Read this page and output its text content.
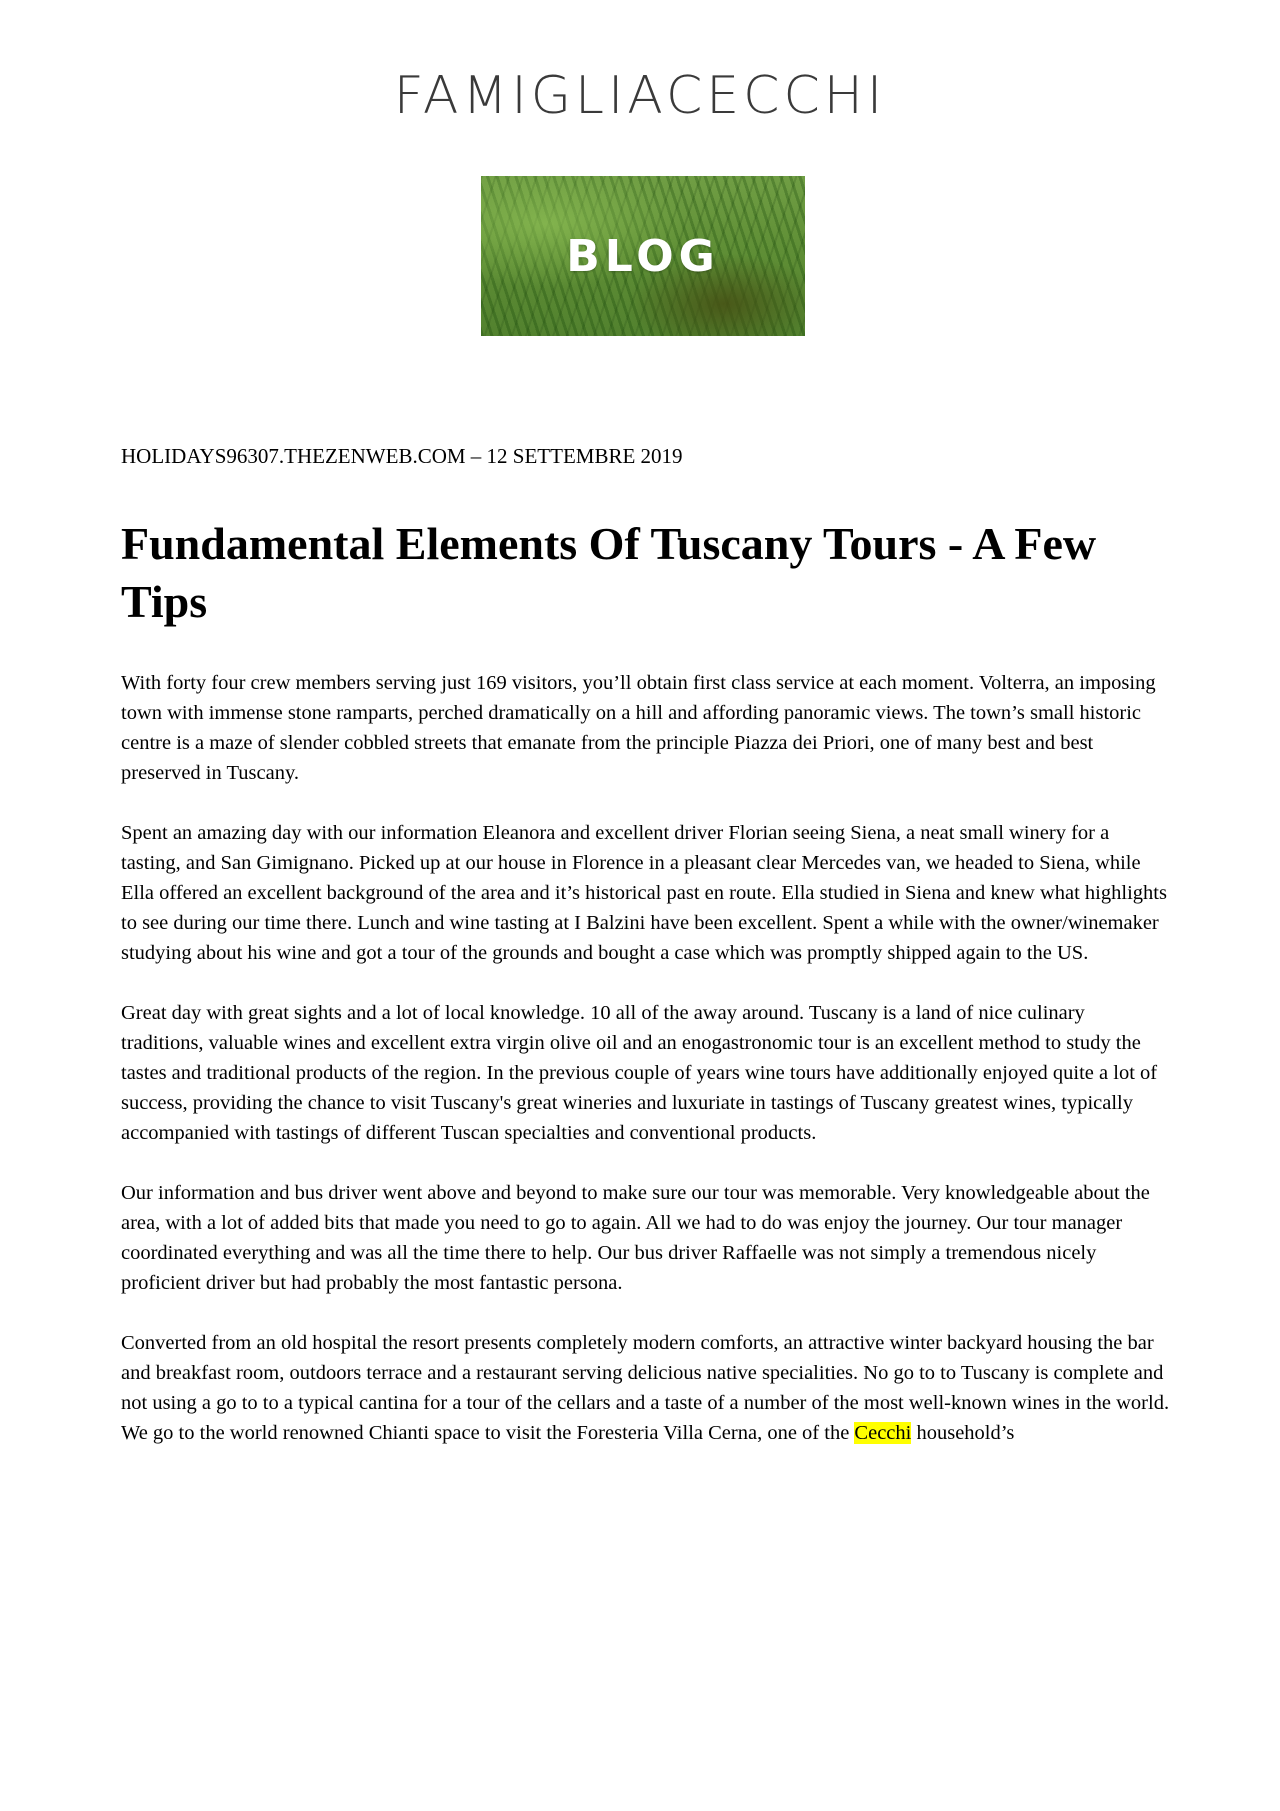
FAMIGLIACECCHI
BLOG
HOLIDAYS96307.THEZENWEB.COM – 12 SETTEMBRE 2019
Fundamental Elements Of Tuscany Tours - A Few Tips

With forty four crew members serving just 169 visitors, you’ll obtain first class service at each moment. Volterra, an imposing town with immense stone ramparts, perched dramatically on a hill and affording panoramic views. The town’s small historic centre is a maze of slender cobbled streets that emanate from the principle Piazza dei Priori, one of many best and best preserved in Tuscany.

Spent an amazing day with our information Eleanora and excellent driver Florian seeing Siena, a neat small winery for a tasting, and San Gimignano. Picked up at our house in Florence in a pleasant clear Mercedes van, we headed to Siena, while Ella offered an excellent background of the area and it’s historical past en route. Ella studied in Siena and knew what highlights to see during our time there. Lunch and wine tasting at I Balzini have been excellent. Spent a while with the owner/winemaker studying about his wine and got a tour of the grounds and bought a case which was promptly shipped again to the US.

Great day with great sights and a lot of local knowledge. 10 all of the away around. Tuscany is a land of nice culinary traditions, valuable wines and excellent extra virgin olive oil and an enogastronomic tour is an excellent method to study the tastes and traditional products of the region. In the previous couple of years wine tours have additionally enjoyed quite a lot of success, providing the chance to visit Tuscany's great wineries and luxuriate in tastings of Tuscany greatest wines, typically accompanied with tastings of different Tuscan specialties and conventional products.

Our information and bus driver went above and beyond to make sure our tour was memorable. Very knowledgeable about the area, with a lot of added bits that made you need to go to again. All we had to do was enjoy the journey. Our tour manager coordinated everything and was all the time there to help. Our bus driver Raffaelle was not simply a tremendous nicely proficient driver but had probably the most fantastic persona.

Converted from an old hospital the resort presents completely modern comforts, an attractive winter backyard housing the bar and breakfast room, outdoors terrace and a restaurant serving delicious native specialities. No go to to Tuscany is complete and not using a go to to a typical cantina for a tour of the cellars and a taste of a number of the most well-known wines in the world. We go to the world renowned Chianti space to visit the Foresteria Villa Cerna, one of the Cecchi household’s
